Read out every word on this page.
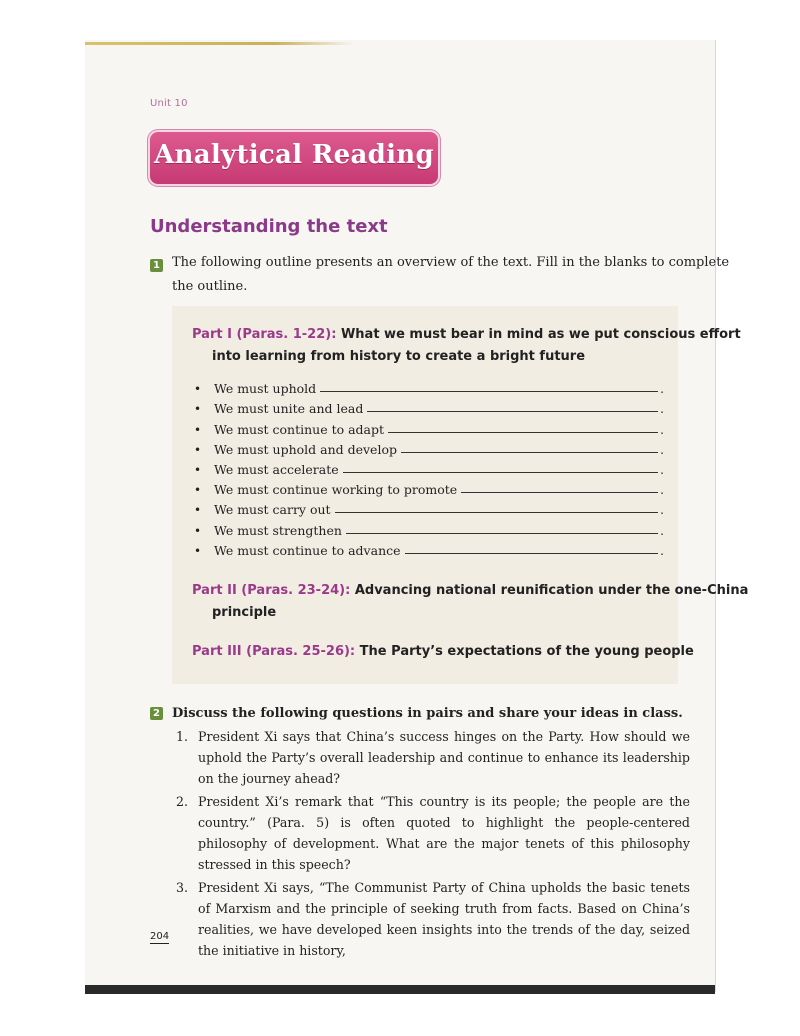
Unit 10
Analytical Reading
Understanding the text
1 The following outline presents an overview of the text. Fill in the blanks to complete
the outline.
Part I (Paras. 1-22): What we must bear in mind as we put conscious effort
into learning from history to create a bright future
•	We must uphold	.
•	We must unite and lead	.
•	We must continue to adapt	.
•	We must uphold and develop	.
•	We must accelerate	.
•	We must continue working to promote	.
•	We must carry out	.
•	We must strengthen	.
•	We must continue to advance	.
Part II (Paras. 23-24): Advancing national reunification under the one-China
principle
Part III (Paras. 25-26): The Party’s expectations of the young people
2 Discuss the following questions in pairs and share your ideas in class.
1. President Xi says that China’s success hinges on the Party. How should we uphold the Party’s overall leadership and continue to enhance its leadership on the journey ahead?
2. President Xi’s remark that “This country is its people; the people are the country.” (Para. 5) is often quoted to highlight the people-centered philosophy of development. What are the major tenets of this philosophy stressed in this speech?
3. President Xi says, “The Communist Party of China upholds the basic tenets of Marxism and the principle of seeking truth from facts. Based on China’s realities, we have developed keen insights into the trends of the day, seized the initiative in history,
204
